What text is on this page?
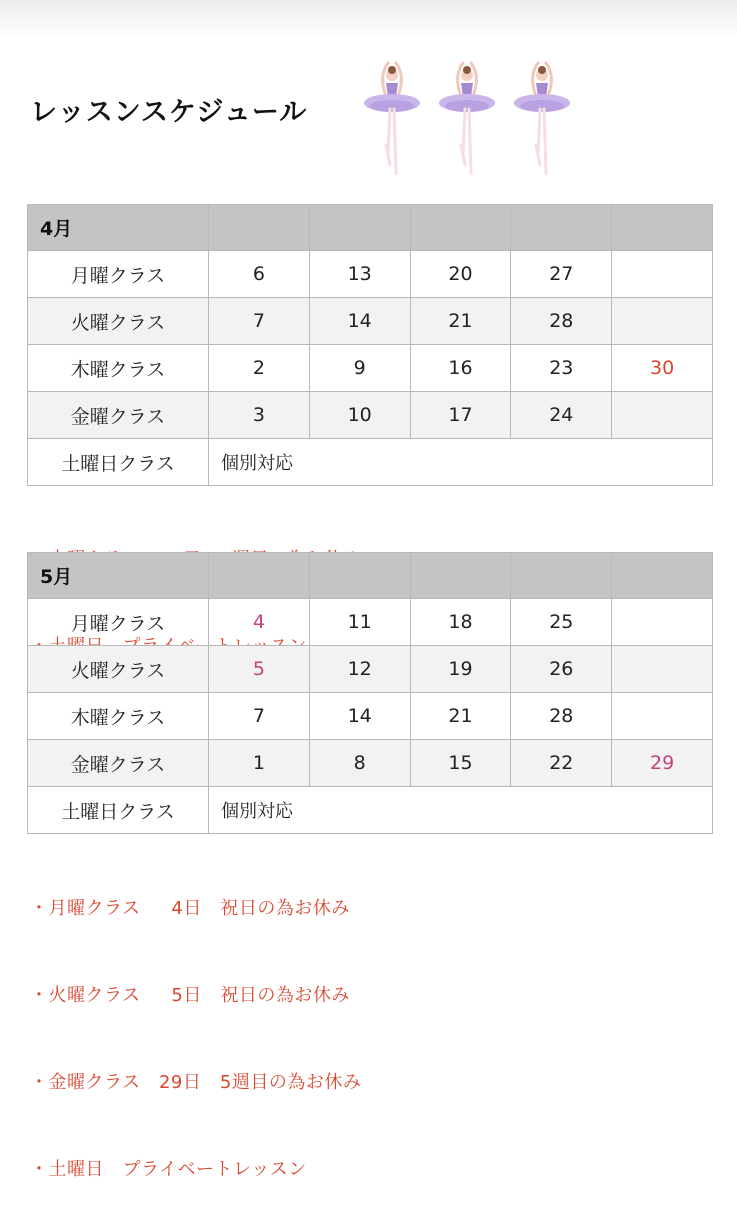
レッスンスケジュール
4月					
月曜クラス	6	13	20	27	
火曜クラス	7	14	21	28	
木曜クラス	2	9	16	23	30
金曜クラス	3	10	17	24	
土曜日クラス	個別対応				

5月					
月曜クラス	4	11	18	25	
火曜クラス	5	12	19	26	
木曜クラス	7	14	21	28	
金曜クラス	1	8	15	22	29
土曜日クラス	個別対応				

・月曜クラス　  4日　祝日の為お休み

・火曜クラス　  5日　祝日の為お休み

・金曜クラス　29日　5週目の為お休み

・土曜日　プライベートレッスン
